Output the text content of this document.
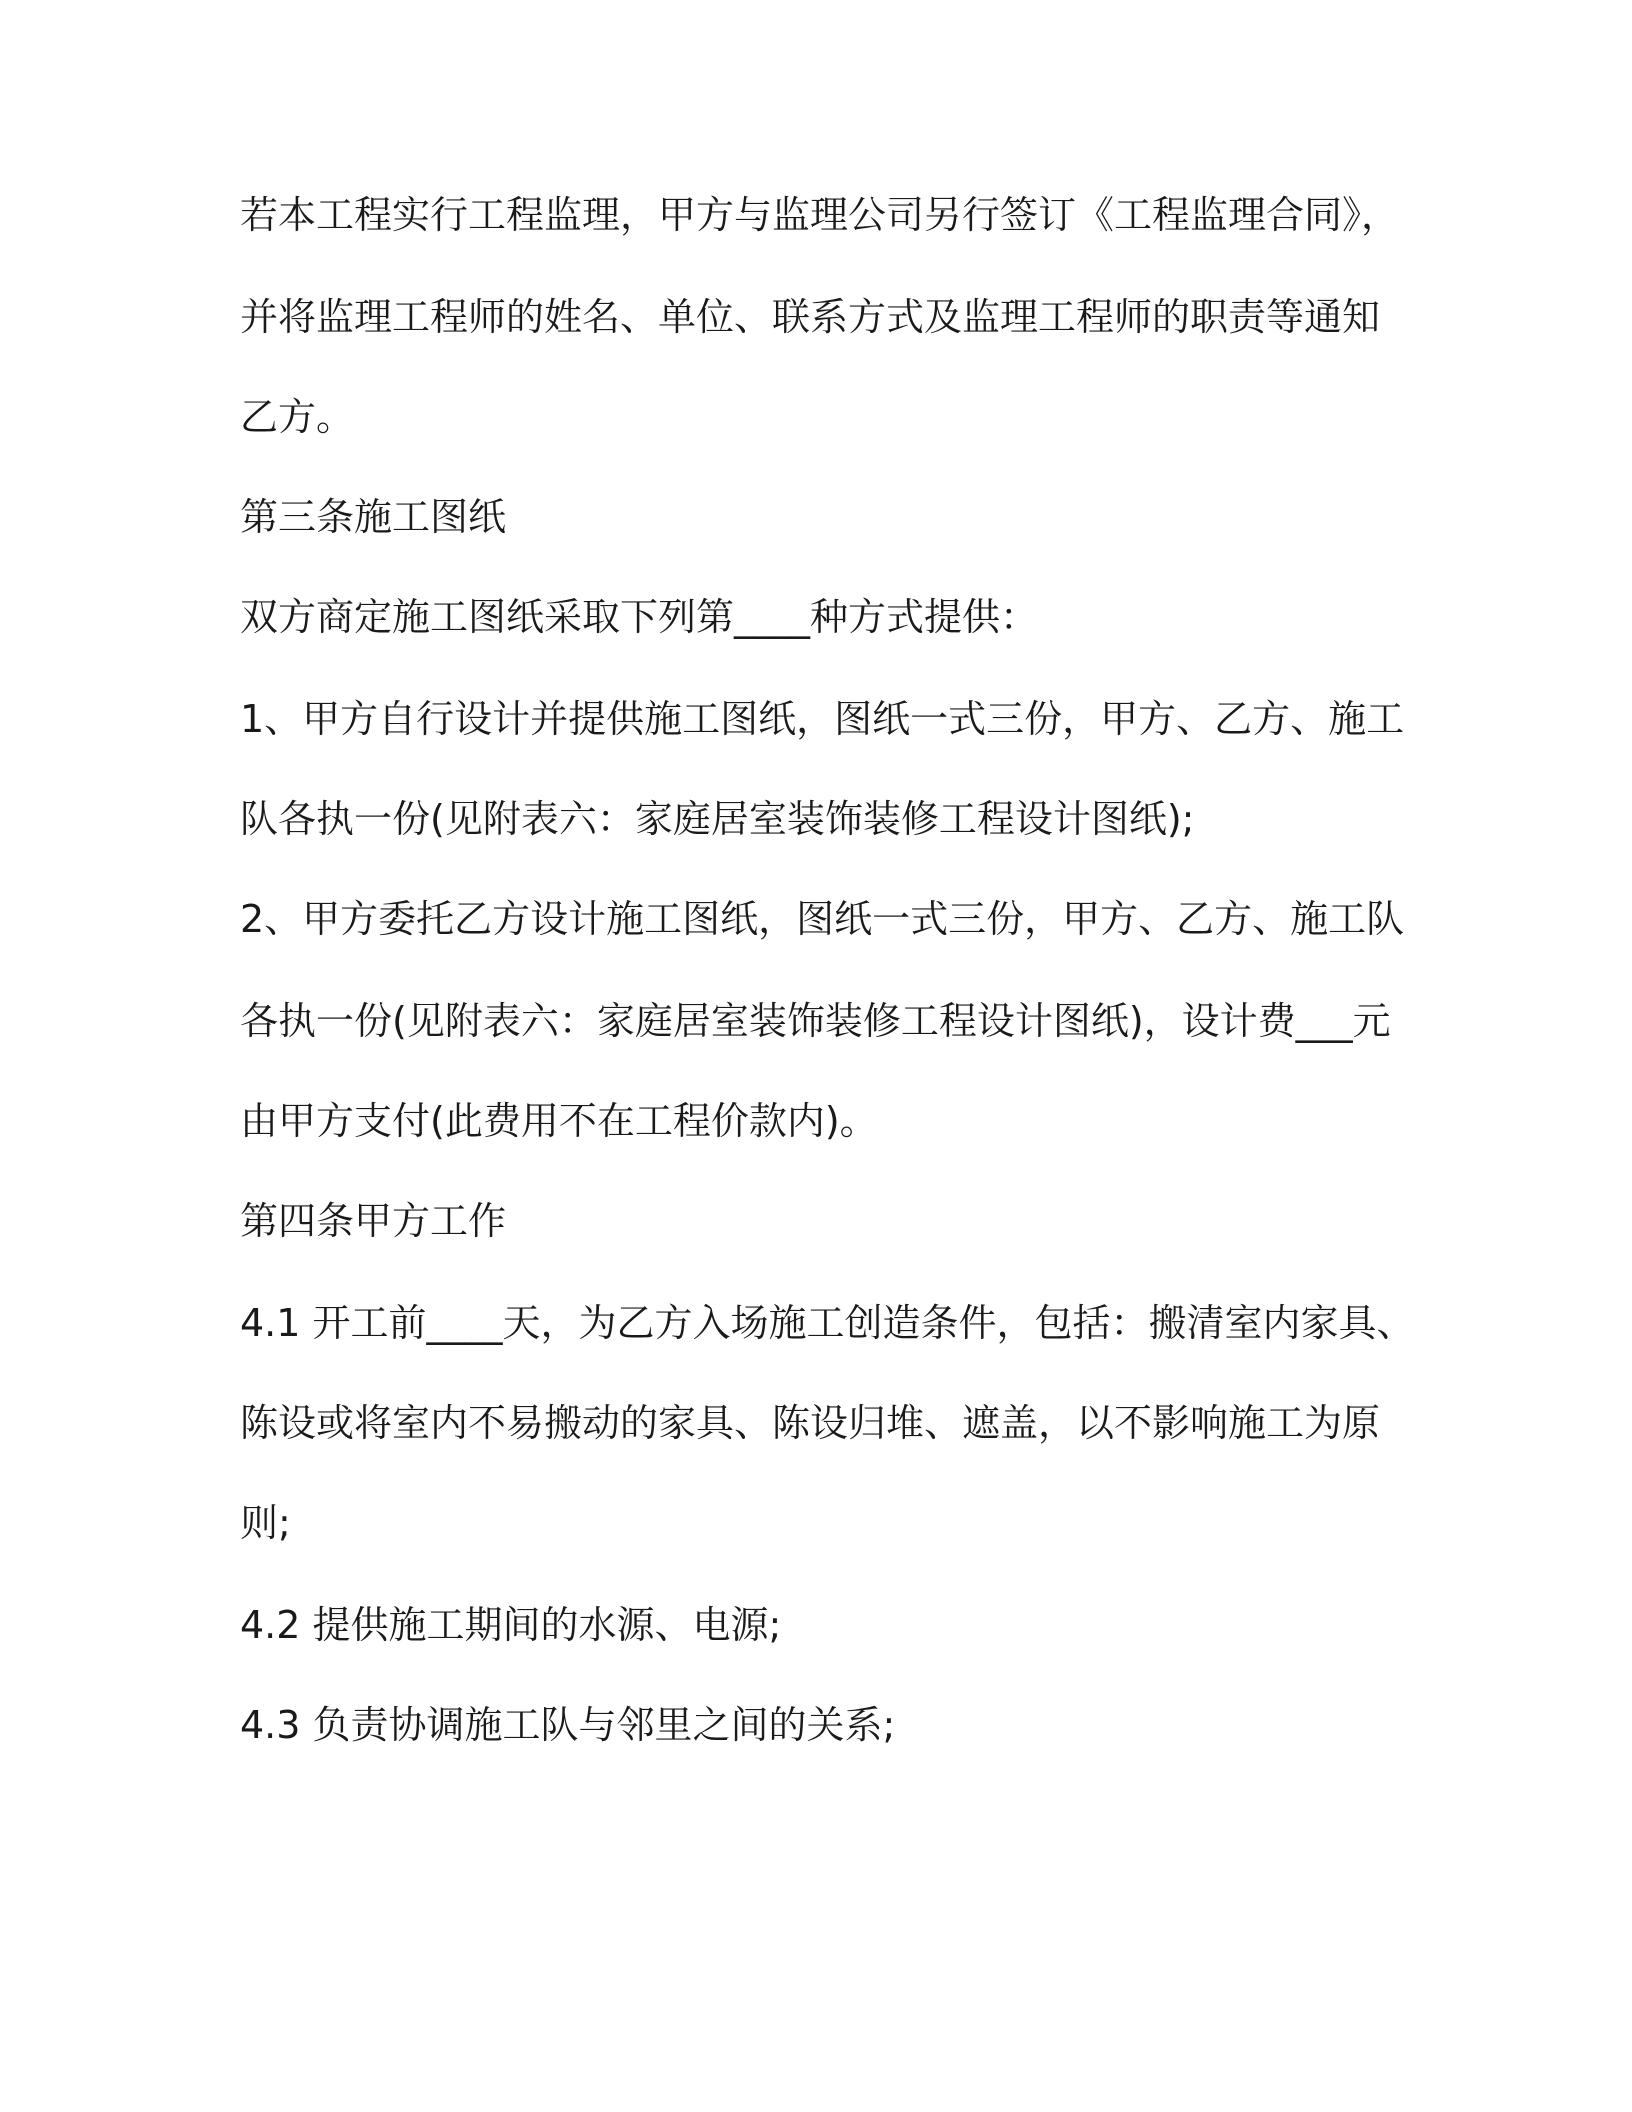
若本工程实行工程监理，甲方与监理公司另行签订《工程监理合同》，
并将监理工程师的姓名、单位、联系方式及监理工程师的职责等通知
乙方。
第三条施工图纸
双方商定施工图纸采取下列第____种方式提供：
1、甲方自行设计并提供施工图纸，图纸一式三份，甲方、乙方、施工
队各执一份(见附表六：家庭居室装饰装修工程设计图纸);
2、甲方委托乙方设计施工图纸，图纸一式三份，甲方、乙方、施工队
各执一份(见附表六：家庭居室装饰装修工程设计图纸)，设计费___元
由甲方支付(此费用不在工程价款内)。
第四条甲方工作
4.1 开工前____天，为乙方入场施工创造条件，包括：搬清室内家具、
陈设或将室内不易搬动的家具、陈设归堆、遮盖，以不影响施工为原
则;
4.2 提供施工期间的水源、电源;
4.3 负责协调施工队与邻里之间的关系;
